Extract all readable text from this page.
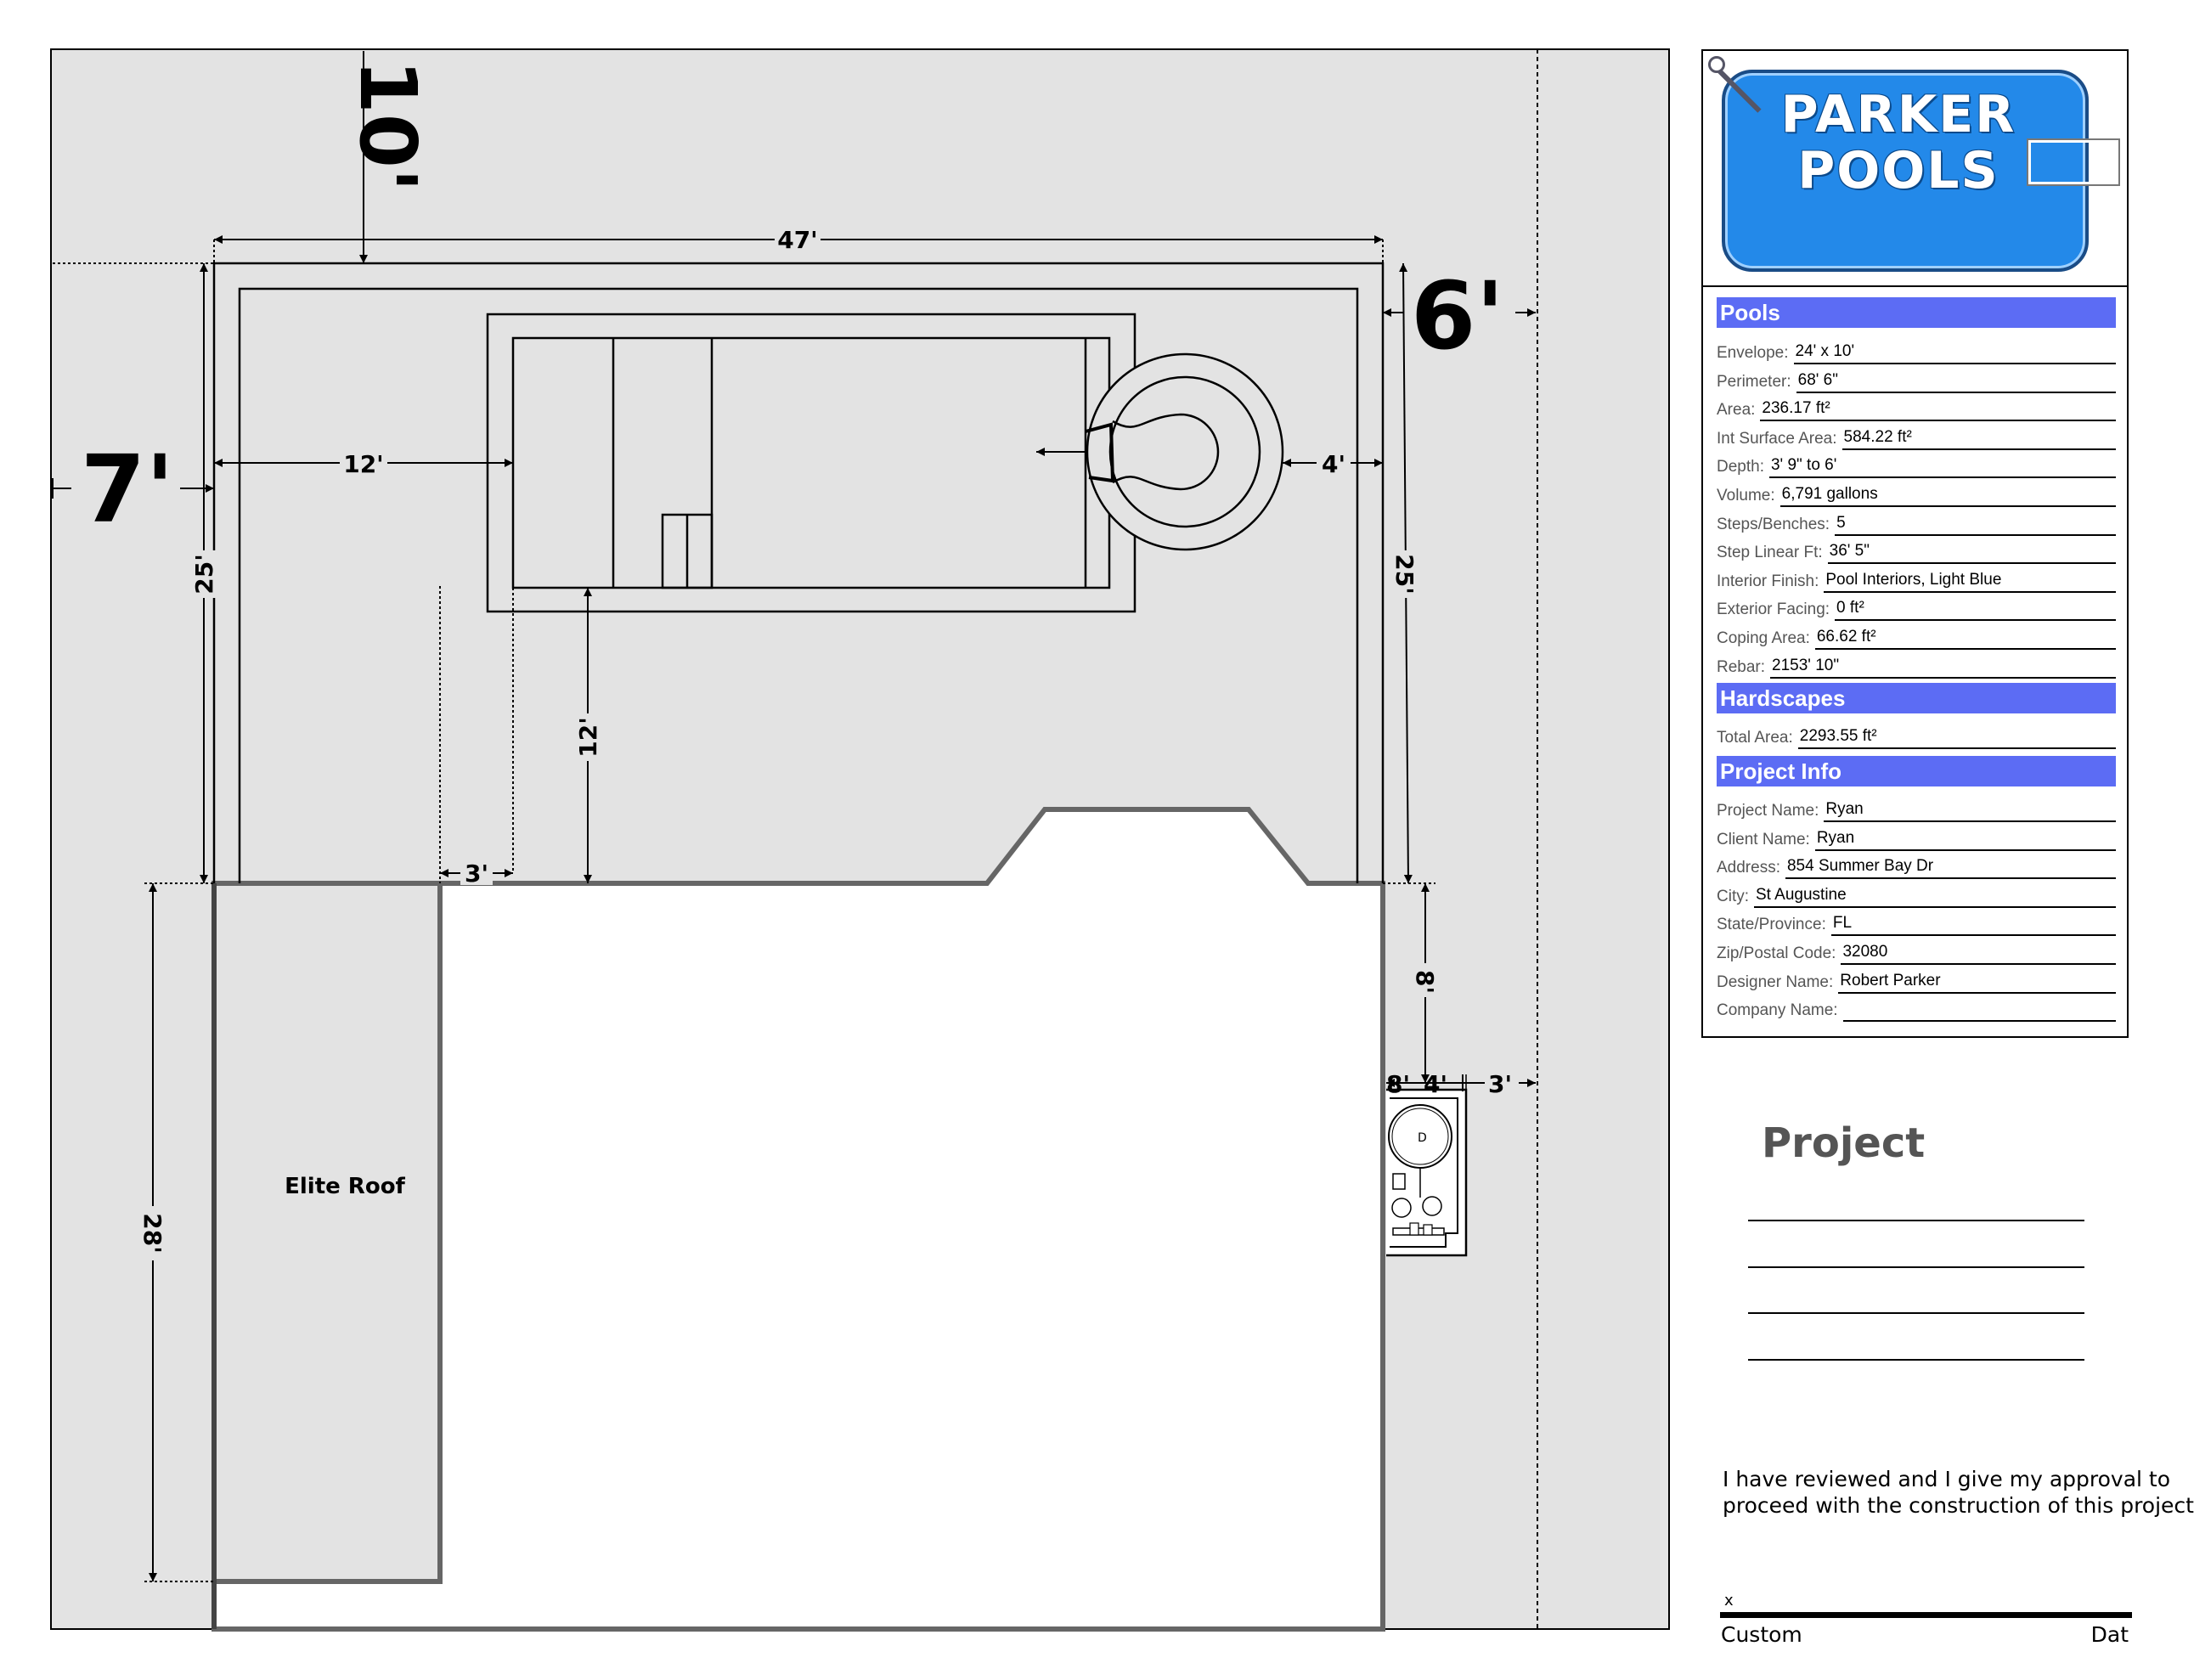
Elite Roof
D
47'
10'
7'
6'
12'	4'
25'	25'
12'
3'
28'
8'
8' 4' 3'
PARKER
POOLS
Pools
Envelope: 24' x 10'
Perimeter: 68' 6"
Area: 236.17 ft²
Int Surface Area: 584.22 ft²
Depth: 3' 9" to 6'
Volume: 6,791 gallons
Steps/Benches: 5
Step Linear Ft: 36' 5"
Interior Finish: Pool Interiors, Light Blue
Exterior Facing: 0 ft²
Coping Area: 66.62 ft²
Rebar: 2153' 10"
Hardscapes
Total Area: 2293.55 ft²
Project Info
Project Name: Ryan
Client Name: Ryan
Address: 854 Summer Bay Dr
City: St Augustine
State/Province: FL
Zip/Postal Code: 32080
Designer Name: Robert Parker
Company Name:
Project
I have reviewed and I give my approval to
proceed with the construction of this project
x
Custom	Dat
